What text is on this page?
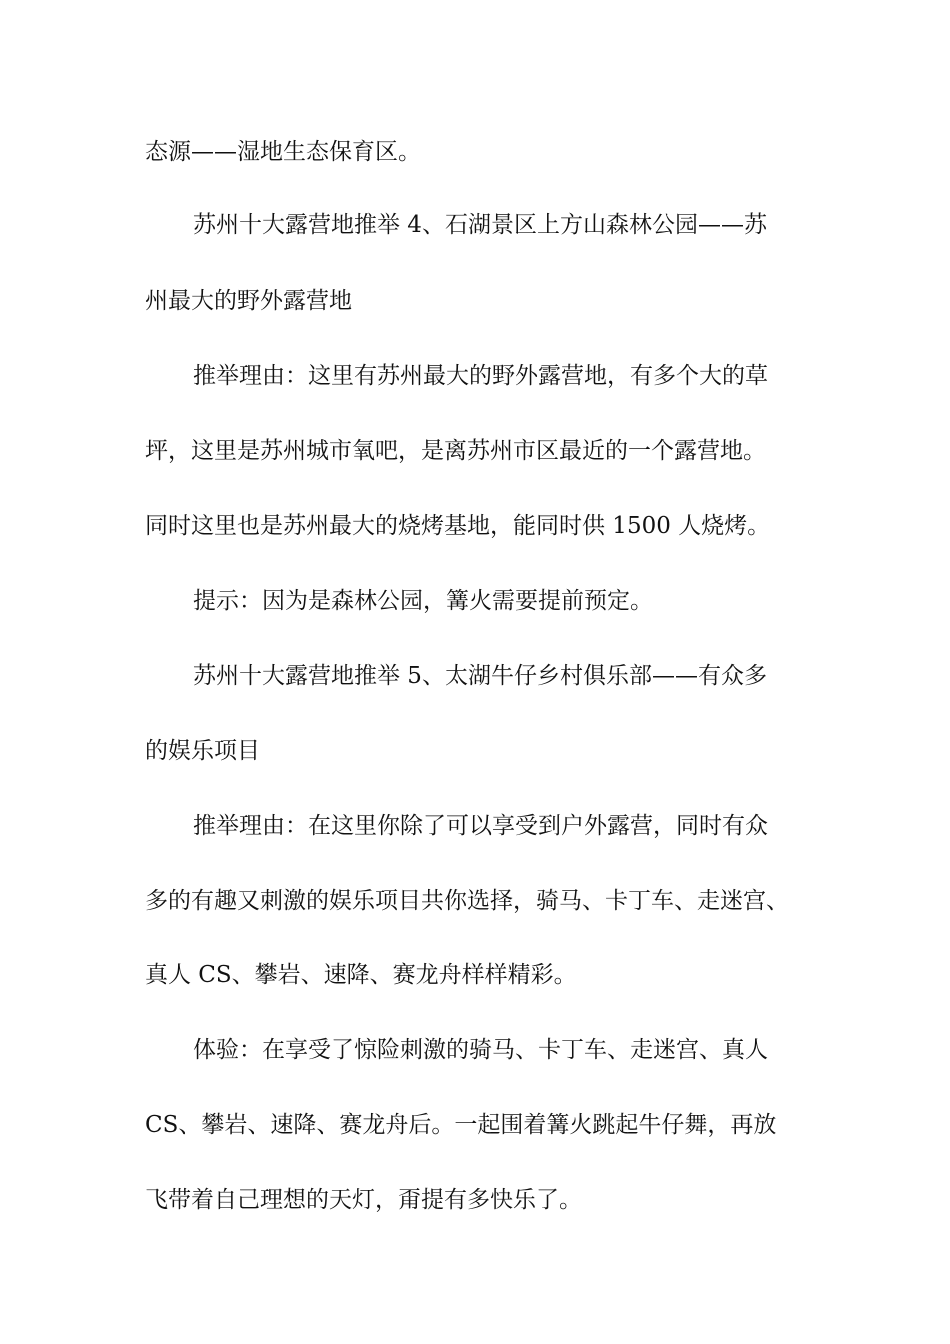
态源——湿地生态保育区。
苏州十大露营地推举 4、石湖景区上方山森林公园——苏
州最大的野外露营地
推举理由：这里有苏州最大的野外露营地，有多个大的草
坪，这里是苏州城市氧吧，是离苏州市区最近的一个露营地。
同时这里也是苏州最大的烧烤基地，能同时供 1500 人烧烤。
提示：因为是森林公园，篝火需要提前预定。
苏州十大露营地推举 5、太湖牛仔乡村俱乐部——有众多
的娱乐项目
推举理由：在这里你除了可以享受到户外露营，同时有众
多的有趣又刺激的娱乐项目共你选择，骑马、卡丁车、走迷宫、
真人 CS、攀岩、速降、赛龙舟样样精彩。
体验：在享受了惊险刺激的骑马、卡丁车、走迷宫、真人
CS、攀岩、速降、赛龙舟后。一起围着篝火跳起牛仔舞，再放
飞带着自己理想的天灯，甭提有多快乐了。
